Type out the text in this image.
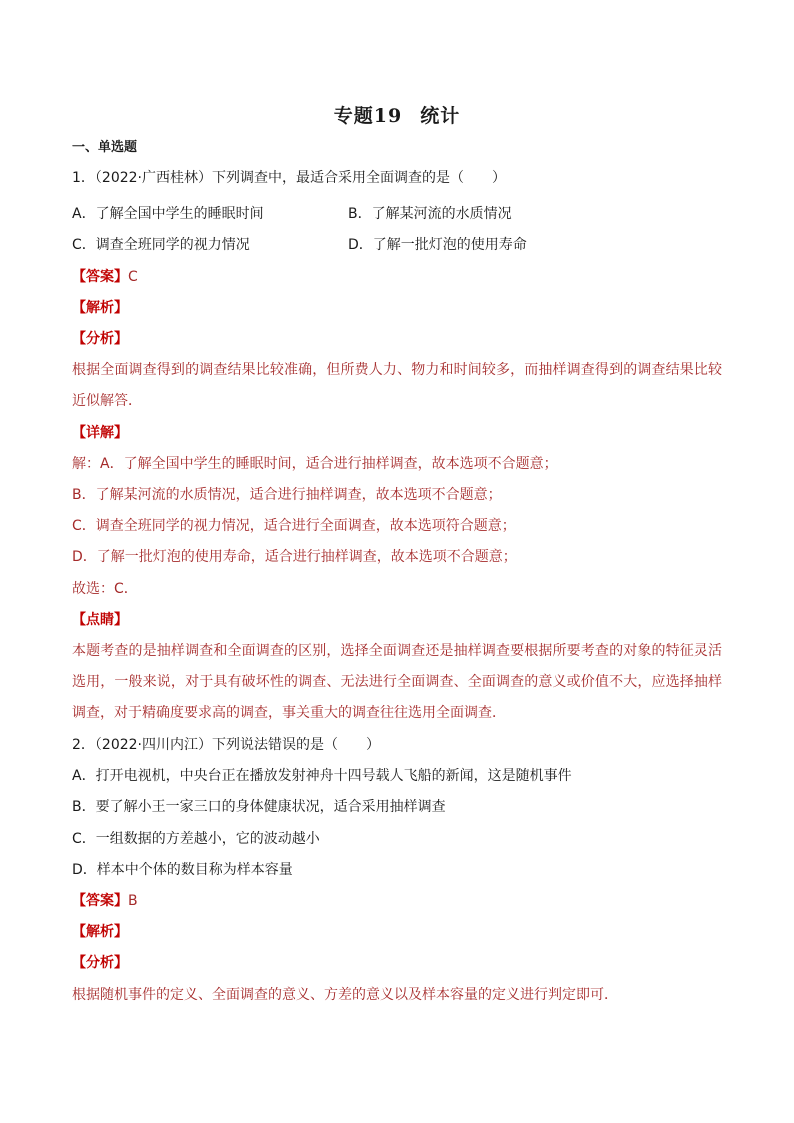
专题19 统计
一、单选题
1．（2022·广西桂林）下列调查中，最适合采用全面调查的是（　　）
A．了解全国中学生的睡眠时间	B．了解某河流的水质情况
C．调查全班同学的视力情况	D．了解一批灯泡的使用寿命
【答案】C
【解析】
【分析】
根据全面调查得到的调查结果比较准确，但所费人力、物力和时间较多，而抽样调查得到的调查结果比较近似解答．
【详解】
解：A．了解全国中学生的睡眠时间，适合进行抽样调查，故本选项不合题意；
B．了解某河流的水质情况，适合进行抽样调查，故本选项不合题意；
C．调查全班同学的视力情况，适合进行全面调查，故本选项符合题意；
D．了解一批灯泡的使用寿命，适合进行抽样调查，故本选项不合题意；
故选：C．
【点睛】
本题考查的是抽样调查和全面调查的区别，选择全面调查还是抽样调查要根据所要考查的对象的特征灵活选用，一般来说，对于具有破坏性的调查、无法进行全面调查、全面调查的意义或价值不大，应选择抽样调查，对于精确度要求高的调查，事关重大的调查往往选用全面调查．
2．（2022·四川内江）下列说法错误的是（　　）
A．打开电视机，中央台正在播放发射神舟十四号载人飞船的新闻，这是随机事件
B．要了解小王一家三口的身体健康状况，适合采用抽样调查
C．一组数据的方差越小，它的波动越小
D．样本中个体的数目称为样本容量
【答案】B
【解析】
【分析】
根据随机事件的定义、全面调查的意义、方差的意义以及样本容量的定义进行判定即可．
